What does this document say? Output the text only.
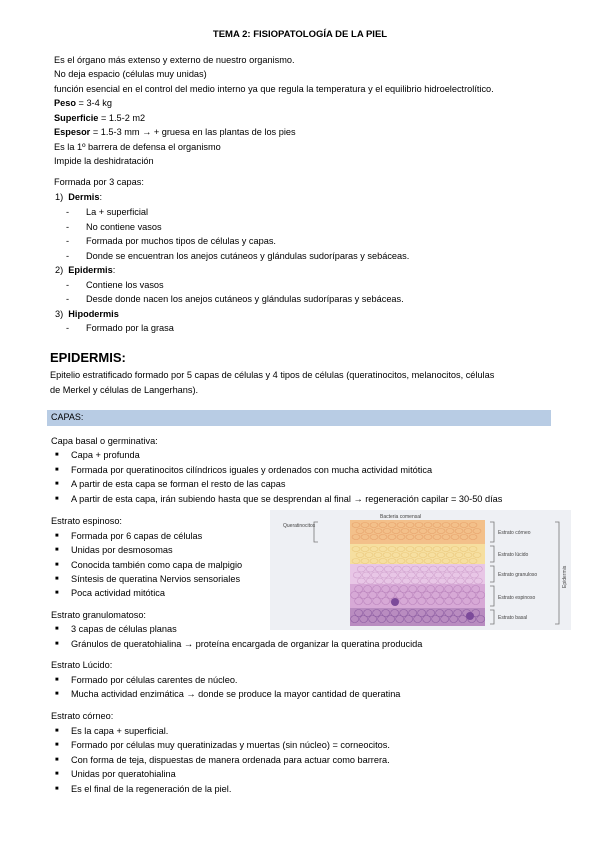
TEMA 2: FISIOPATOLOGÍA DE LA PIEL
Es el órgano más extenso y externo de nuestro organismo.
No deja espacio (células muy unidas)
función esencial en el control del medio interno ya que regula la temperatura y el equilibrio hidroelectrolítico.
Peso = 3-4 kg
Superficie = 1.5-2 m2
Espesor = 1.5-3 mm → + gruesa en las plantas de los pies
Es la 1º barrera de defensa el organismo
Impide la deshidratación
Formada por 3 capas:
1) Dermis:
- La + superficial
- No contiene vasos
- Formada por muchos tipos de células y capas.
- Donde se encuentran los anejos cutáneos y glándulas sudoríparas y sebáceas.
2) Epidermis:
- Contiene los vasos
- Desde donde nacen los anejos cutáneos y glándulas sudoríparas y sebáceas.
3) Hipodermis
- Formado por la grasa
EPIDERMIS:
Epitelio estratificado formado por 5 capas de células y 4 tipos de células (queratinocitos, melanocitos, células
de Merkel y células de Langerhans).
CAPAS:
Capa basal o germinativa:
■ Capa + profunda
■ Formada por queratinocitos cilíndricos iguales y ordenados con mucha actividad mitótica
■ A partir de esta capa se forman el resto de las capas
■ A partir de esta capa, irán subiendo hasta que se desprendan al final → regeneración capilar = 30-50 días
Estrato espinoso:
■ Formada por 6 capas de células
■ Unidas por desmosomas
■ Conocida también como capa de malpigio
■ Síntesis de queratina Nervios sensoriales
■ Poca actividad mitótica
Estrato granulomatoso:
■ 3 capas de células planas
■ Gránulos de queratohialina → proteína encargada de organizar la queratina producida
Estrato Lúcido:
■ Formado por células carentes de núcleo.
■ Mucha actividad enzimática → donde se produce la mayor cantidad de queratina
Estrato córneo:
■ Es la capa + superficial.
■ Formado por células muy queratinizadas y muertas (sin núcleo) = corneocitos.
■ Con forma de teja, dispuestas de manera ordenada para actuar como barrera.
■ Unidas por queratohialina
■ Es el final de la regeneración de la piel.
Bacteria comensal
Queratinocitos
Estrato córneo
Estrato lúcido
Estrato granuloso
Estrato espinoso
Estrato basal
Epidermis
